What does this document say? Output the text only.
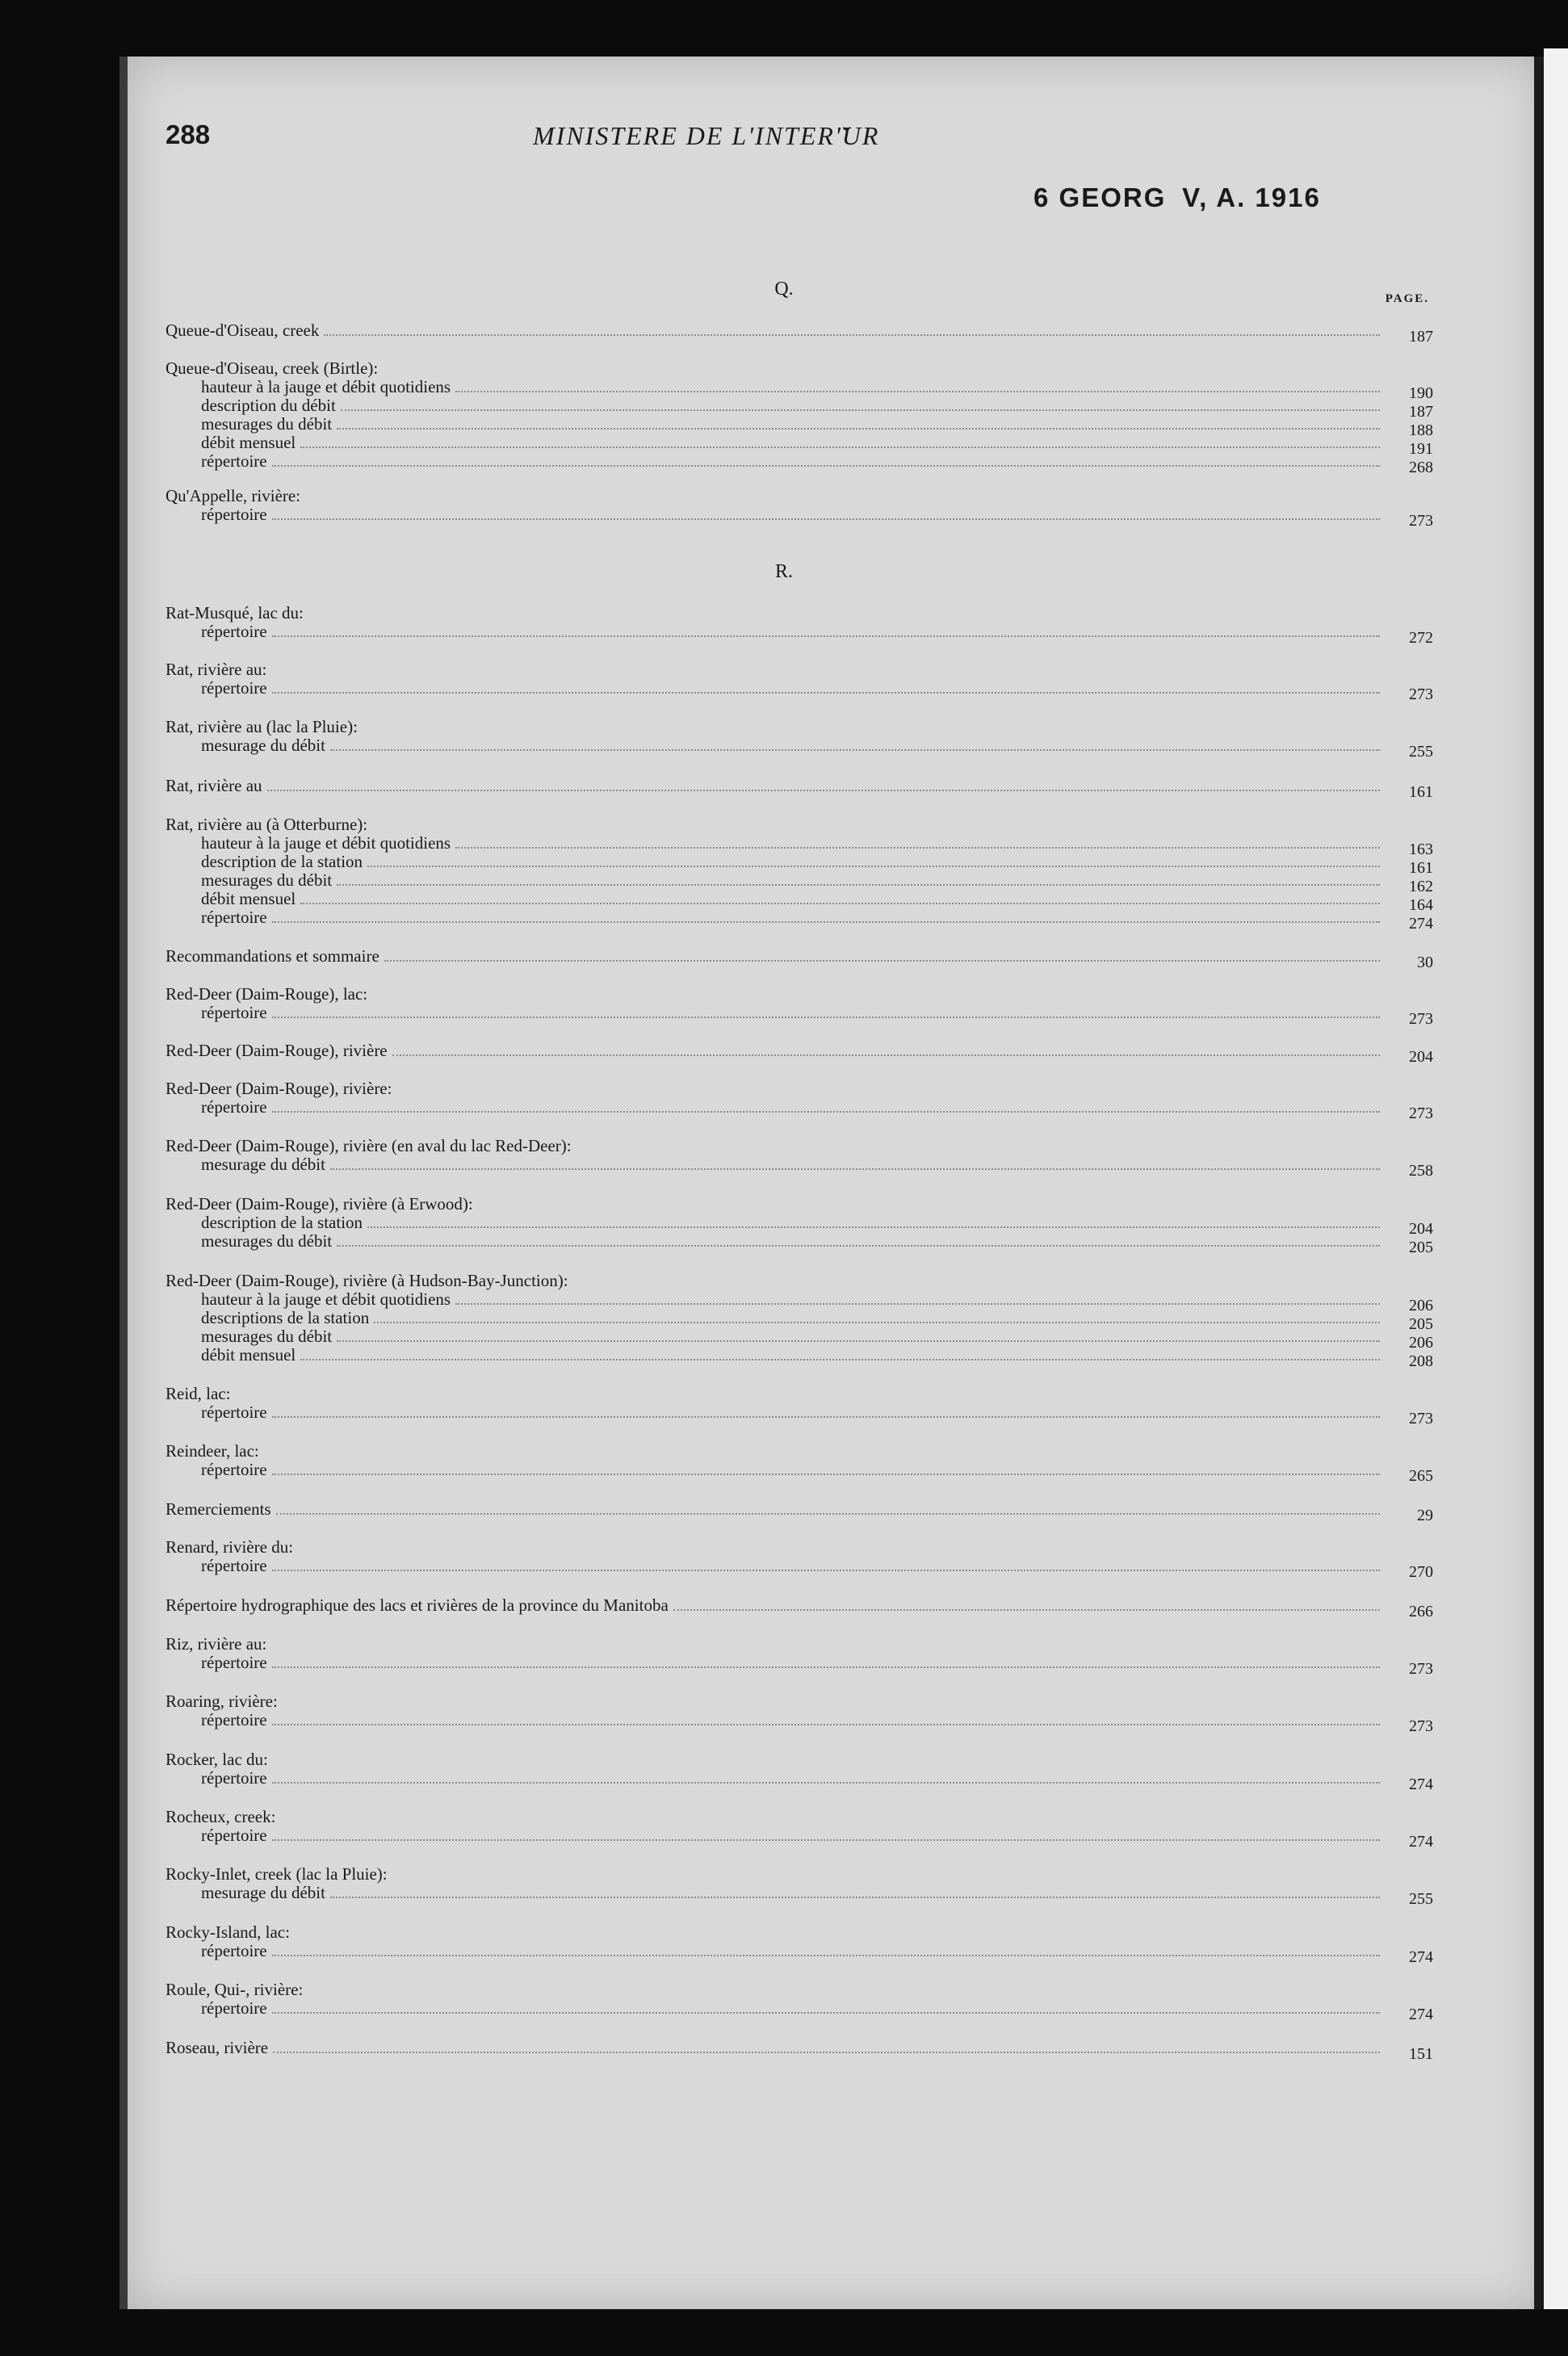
288	MINISTERE DE L'INTER'̆UR
6 GEORG  V, A. 1916
Q.	PAGE.
R.
Queue-d'Oiseau, creek	187
Queue-d'Oiseau, creek (Birtle):
hauteur à la jauge et débit quotidiens	190
description du débit	187
mesurages du débit	188
débit mensuel	191
répertoire	268
Qu'Appelle, rivière:
répertoire	273
Rat-Musqué, lac du:
répertoire	272
Rat, rivière au:
répertoire	273
Rat, rivière au (lac la Pluie):
mesurage du débit	255
Rat, rivière au	161
Rat, rivière au (à Otterburne):
hauteur à la jauge et débit quotidiens	163
description de la station	161
mesurages du débit	162
débit mensuel	164
répertoire	274
Recommandations et sommaire	30
Red-Deer (Daim-Rouge), lac:
répertoire	273
Red-Deer (Daim-Rouge), rivière	204
Red-Deer (Daim-Rouge), rivière:
répertoire	273
Red-Deer (Daim-Rouge), rivière (en aval du lac Red-Deer):
mesurage du débit	258
Red-Deer (Daim-Rouge), rivière (à Erwood):
description de la station	204
mesurages du débit	205
Red-Deer (Daim-Rouge), rivière (à Hudson-Bay-Junction):
hauteur à la jauge et débit quotidiens	206
descriptions de la station	205
mesurages du débit	206
débit mensuel	208
Reid, lac:
répertoire	273
Reindeer, lac:
répertoire	265
Remerciements	29
Renard, rivière du:
répertoire	270
Répertoire hydrographique des lacs et rivières de la province du Manitoba	266
Riz, rivière au:
répertoire	273
Roaring, rivière:
répertoire	273
Rocker, lac du:
répertoire	274
Rocheux, creek:
répertoire	274
Rocky-Inlet, creek (lac la Pluie):
mesurage du débit	255
Rocky-Island, lac:
répertoire	274
Roule, Qui-, rivière:
répertoire	274
Roseau, rivière	151
